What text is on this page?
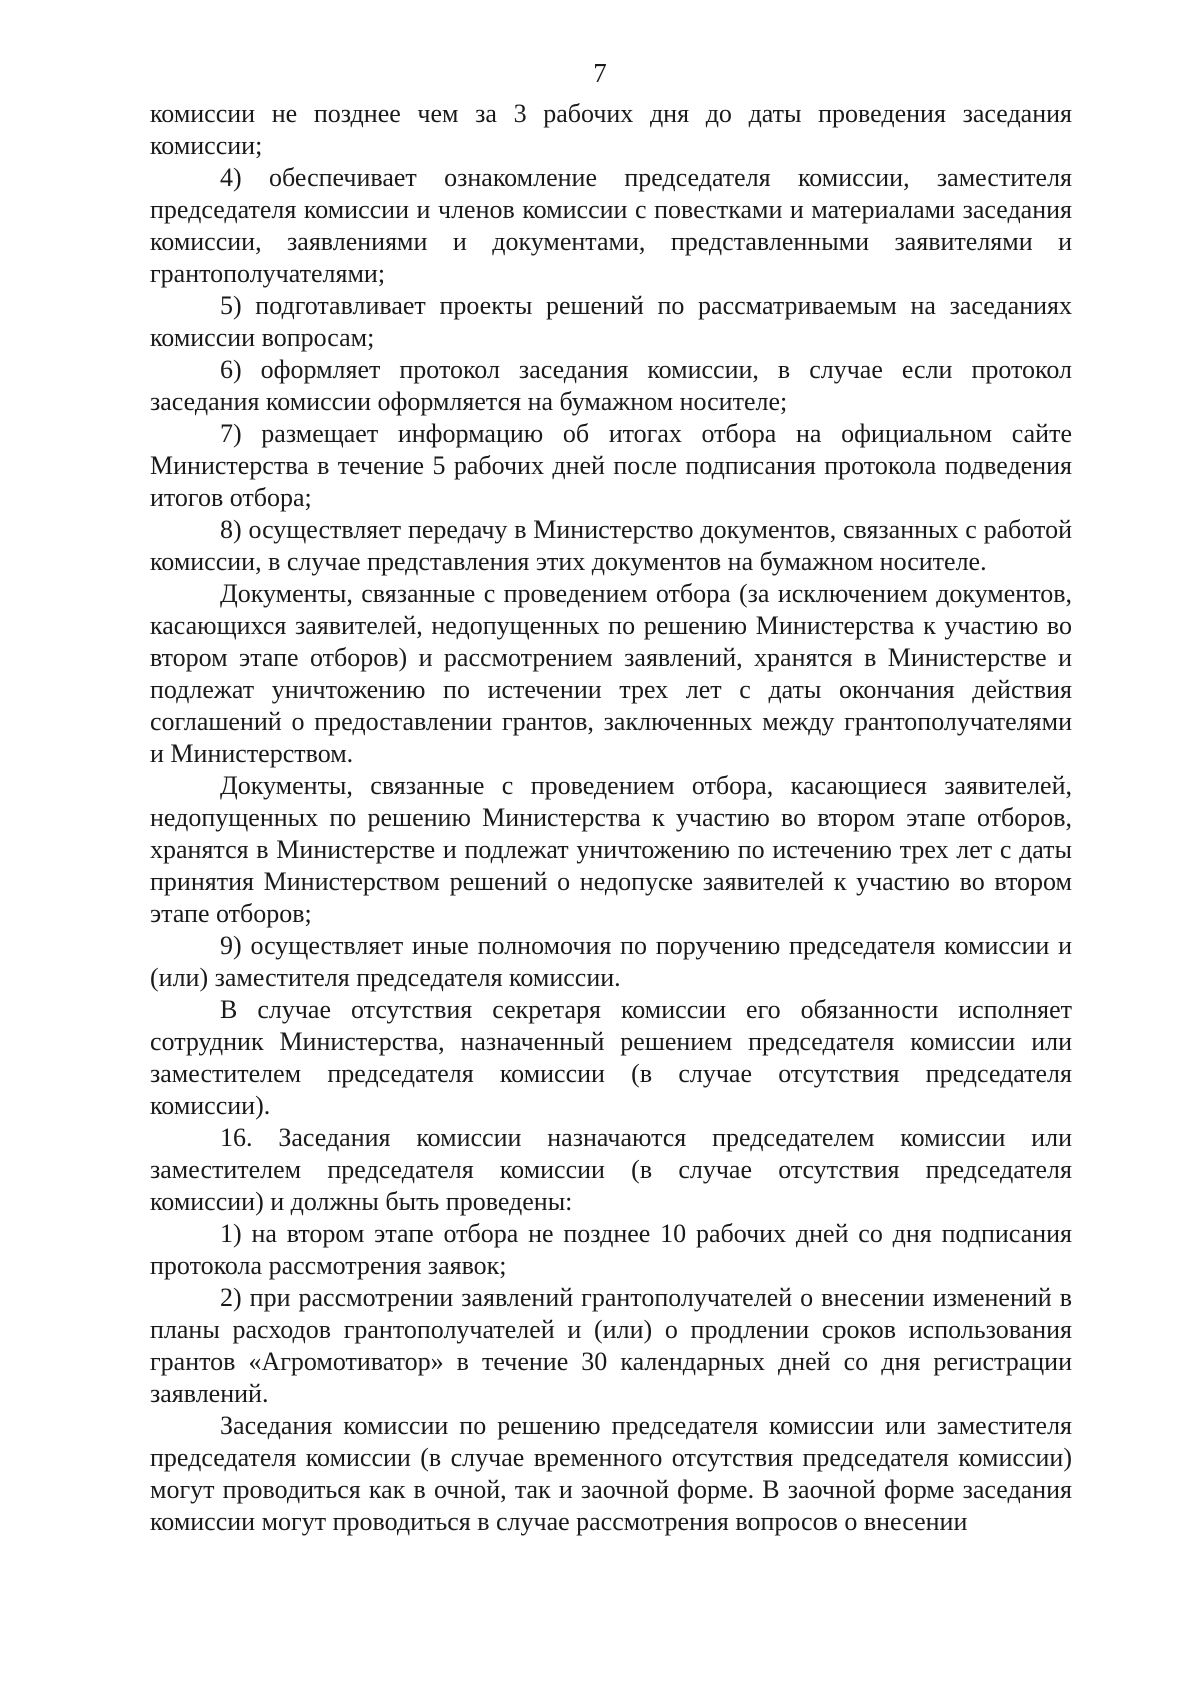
7

комиссии не позднее чем за 3 рабочих дня до даты проведения заседания комиссии;

4) обеспечивает ознакомление председателя комиссии, заместителя председателя комиссии и членов комиссии с повестками и материалами заседания комиссии, заявлениями и документами, представленными заявителями и грантополучателями;

5) подготавливает проекты решений по рассматриваемым на заседаниях комиссии вопросам;

6) оформляет протокол заседания комиссии, в случае если протокол заседания комиссии оформляется на бумажном носителе;

7) размещает информацию об итогах отбора на официальном сайте Министерства в течение 5 рабочих дней после подписания протокола подведения итогов отбора;

8) осуществляет передачу в Министерство документов, связанных с работой комиссии, в случае представления этих документов на бумажном носителе.

Документы, связанные с проведением отбора (за исключением документов, касающихся заявителей, недопущенных по решению Министерства к участию во втором этапе отборов) и рассмотрением заявлений, хранятся в Министерстве и подлежат уничтожению по истечении трех лет с даты окончания действия соглашений о предоставлении грантов, заключенных между грантополучателями и Министерством.

Документы, связанные с проведением отбора, касающиеся заявителей, недопущенных по решению Министерства к участию во втором этапе отборов, хранятся в Министерстве и подлежат уничтожению по истечению трех лет с даты принятия Министерством решений о недопуске заявителей к участию во втором этапе отборов;

9) осуществляет иные полномочия по поручению председателя комиссии и (или) заместителя председателя комиссии.

В случае отсутствия секретаря комиссии его обязанности исполняет сотрудник Министерства, назначенный решением председателя комиссии или заместителем председателя комиссии (в случае отсутствия председателя комиссии).

16. Заседания комиссии назначаются председателем комиссии или заместителем председателя комиссии (в случае отсутствия председателя комиссии) и должны быть проведены:

1) на втором этапе отбора не позднее 10 рабочих дней со дня подписания протокола рассмотрения заявок;

2) при рассмотрении заявлений грантополучателей о внесении изменений в планы расходов грантополучателей и (или) о продлении сроков использования грантов «Агромотиватор» в течение 30 календарных дней со дня регистрации заявлений.

Заседания комиссии по решению председателя комиссии или заместителя председателя комиссии (в случае временного отсутствия председателя комиссии) могут проводиться как в очной, так и заочной форме. В заочной форме заседания комиссии могут проводиться в случае рассмотрения вопросов о внесении
